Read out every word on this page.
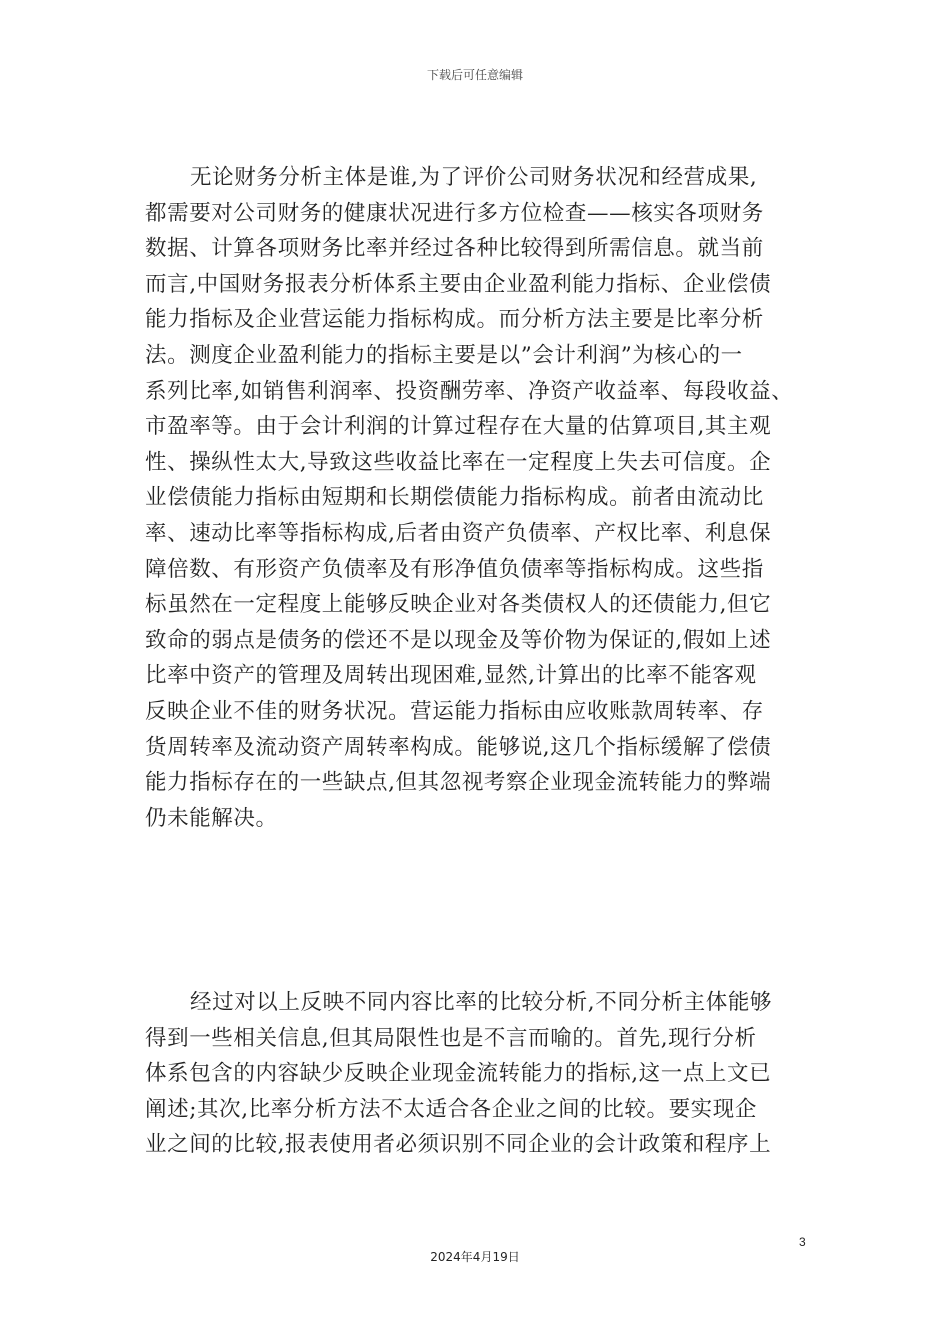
下载后可任意编辑

无论财务分析主体是谁,为了评价公司财务状况和经营成果,
都需要对公司财务的健康状况进行多方位检查——核实各项财务
数据、计算各项财务比率并经过各种比较得到所需信息。就当前
而言,中国财务报表分析体系主要由企业盈利能力指标、企业偿债
能力指标及企业营运能力指标构成。而分析方法主要是比率分析
法。测度企业盈利能力的指标主要是以”会计利润”为核心的一
系列比率,如销售利润率、投资酬劳率、净资产收益率、每段收益、
市盈率等。由于会计利润的计算过程存在大量的估算项目,其主观
性、操纵性太大,导致这些收益比率在一定程度上失去可信度。企
业偿债能力指标由短期和长期偿债能力指标构成。前者由流动比
率、速动比率等指标构成,后者由资产负债率、产权比率、利息保
障倍数、有形资产负债率及有形净值负债率等指标构成。这些指
标虽然在一定程度上能够反映企业对各类债权人的还债能力,但它
致命的弱点是债务的偿还不是以现金及等价物为保证的,假如上述
比率中资产的管理及周转出现困难,显然,计算出的比率不能客观
反映企业不佳的财务状况。营运能力指标由应收账款周转率、存
货周转率及流动资产周转率构成。能够说,这几个指标缓解了偿债
能力指标存在的一些缺点,但其忽视考察企业现金流转能力的弊端
仍未能解决。

经过对以上反映不同内容比率的比较分析,不同分析主体能够
得到一些相关信息,但其局限性也是不言而喻的。首先,现行分析
体系包含的内容缺少反映企业现金流转能力的指标,这一点上文已
阐述;其次,比率分析方法不太适合各企业之间的比较。要实现企
业之间的比较,报表使用者必须识别不同企业的会计政策和程序上

3
2024年4月19日
